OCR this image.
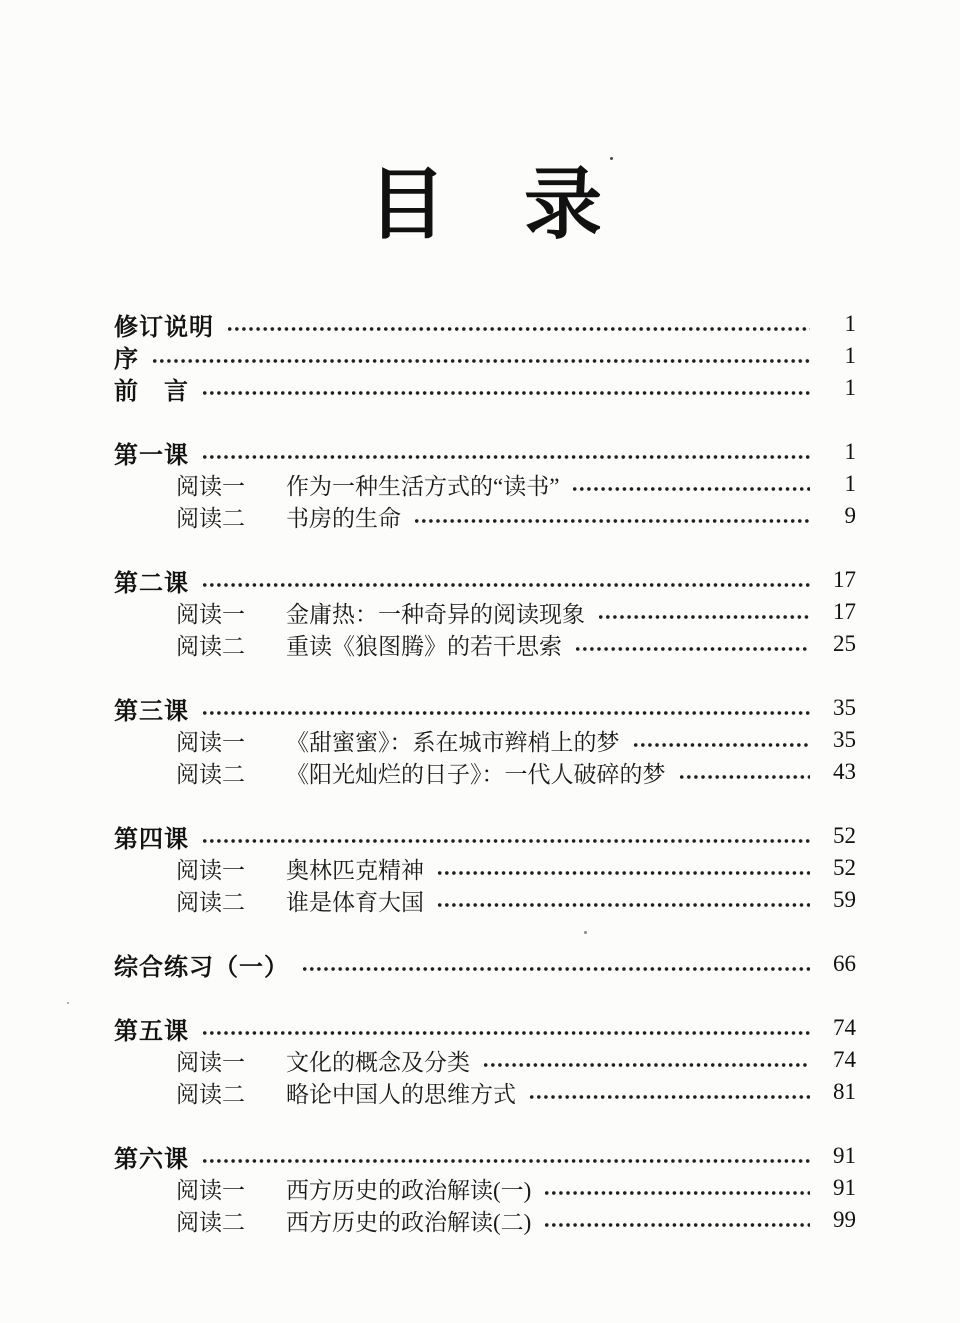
目　录
修订说明	1
序	1
前　言	1
第一课	1
阅读一	作为一种生活方式的“读书”	1
阅读二	书房的生命	9
第二课	17
阅读一	金庸热：一种奇异的阅读现象	17
阅读二	重读《狼图腾》的若干思索	25
第三课	35
阅读一	《甜蜜蜜》：系在城市辫梢上的梦	35
阅读二	《阳光灿烂的日子》：一代人破碎的梦	43
第四课	52
阅读一	奥林匹克精神	52
阅读二	谁是体育大国	59
综合练习（一）	66
第五课	74
阅读一	文化的概念及分类	74
阅读二	略论中国人的思维方式	81
第六课	91
阅读一	西方历史的政治解读(一)	91
阅读二	西方历史的政治解读(二)	99
